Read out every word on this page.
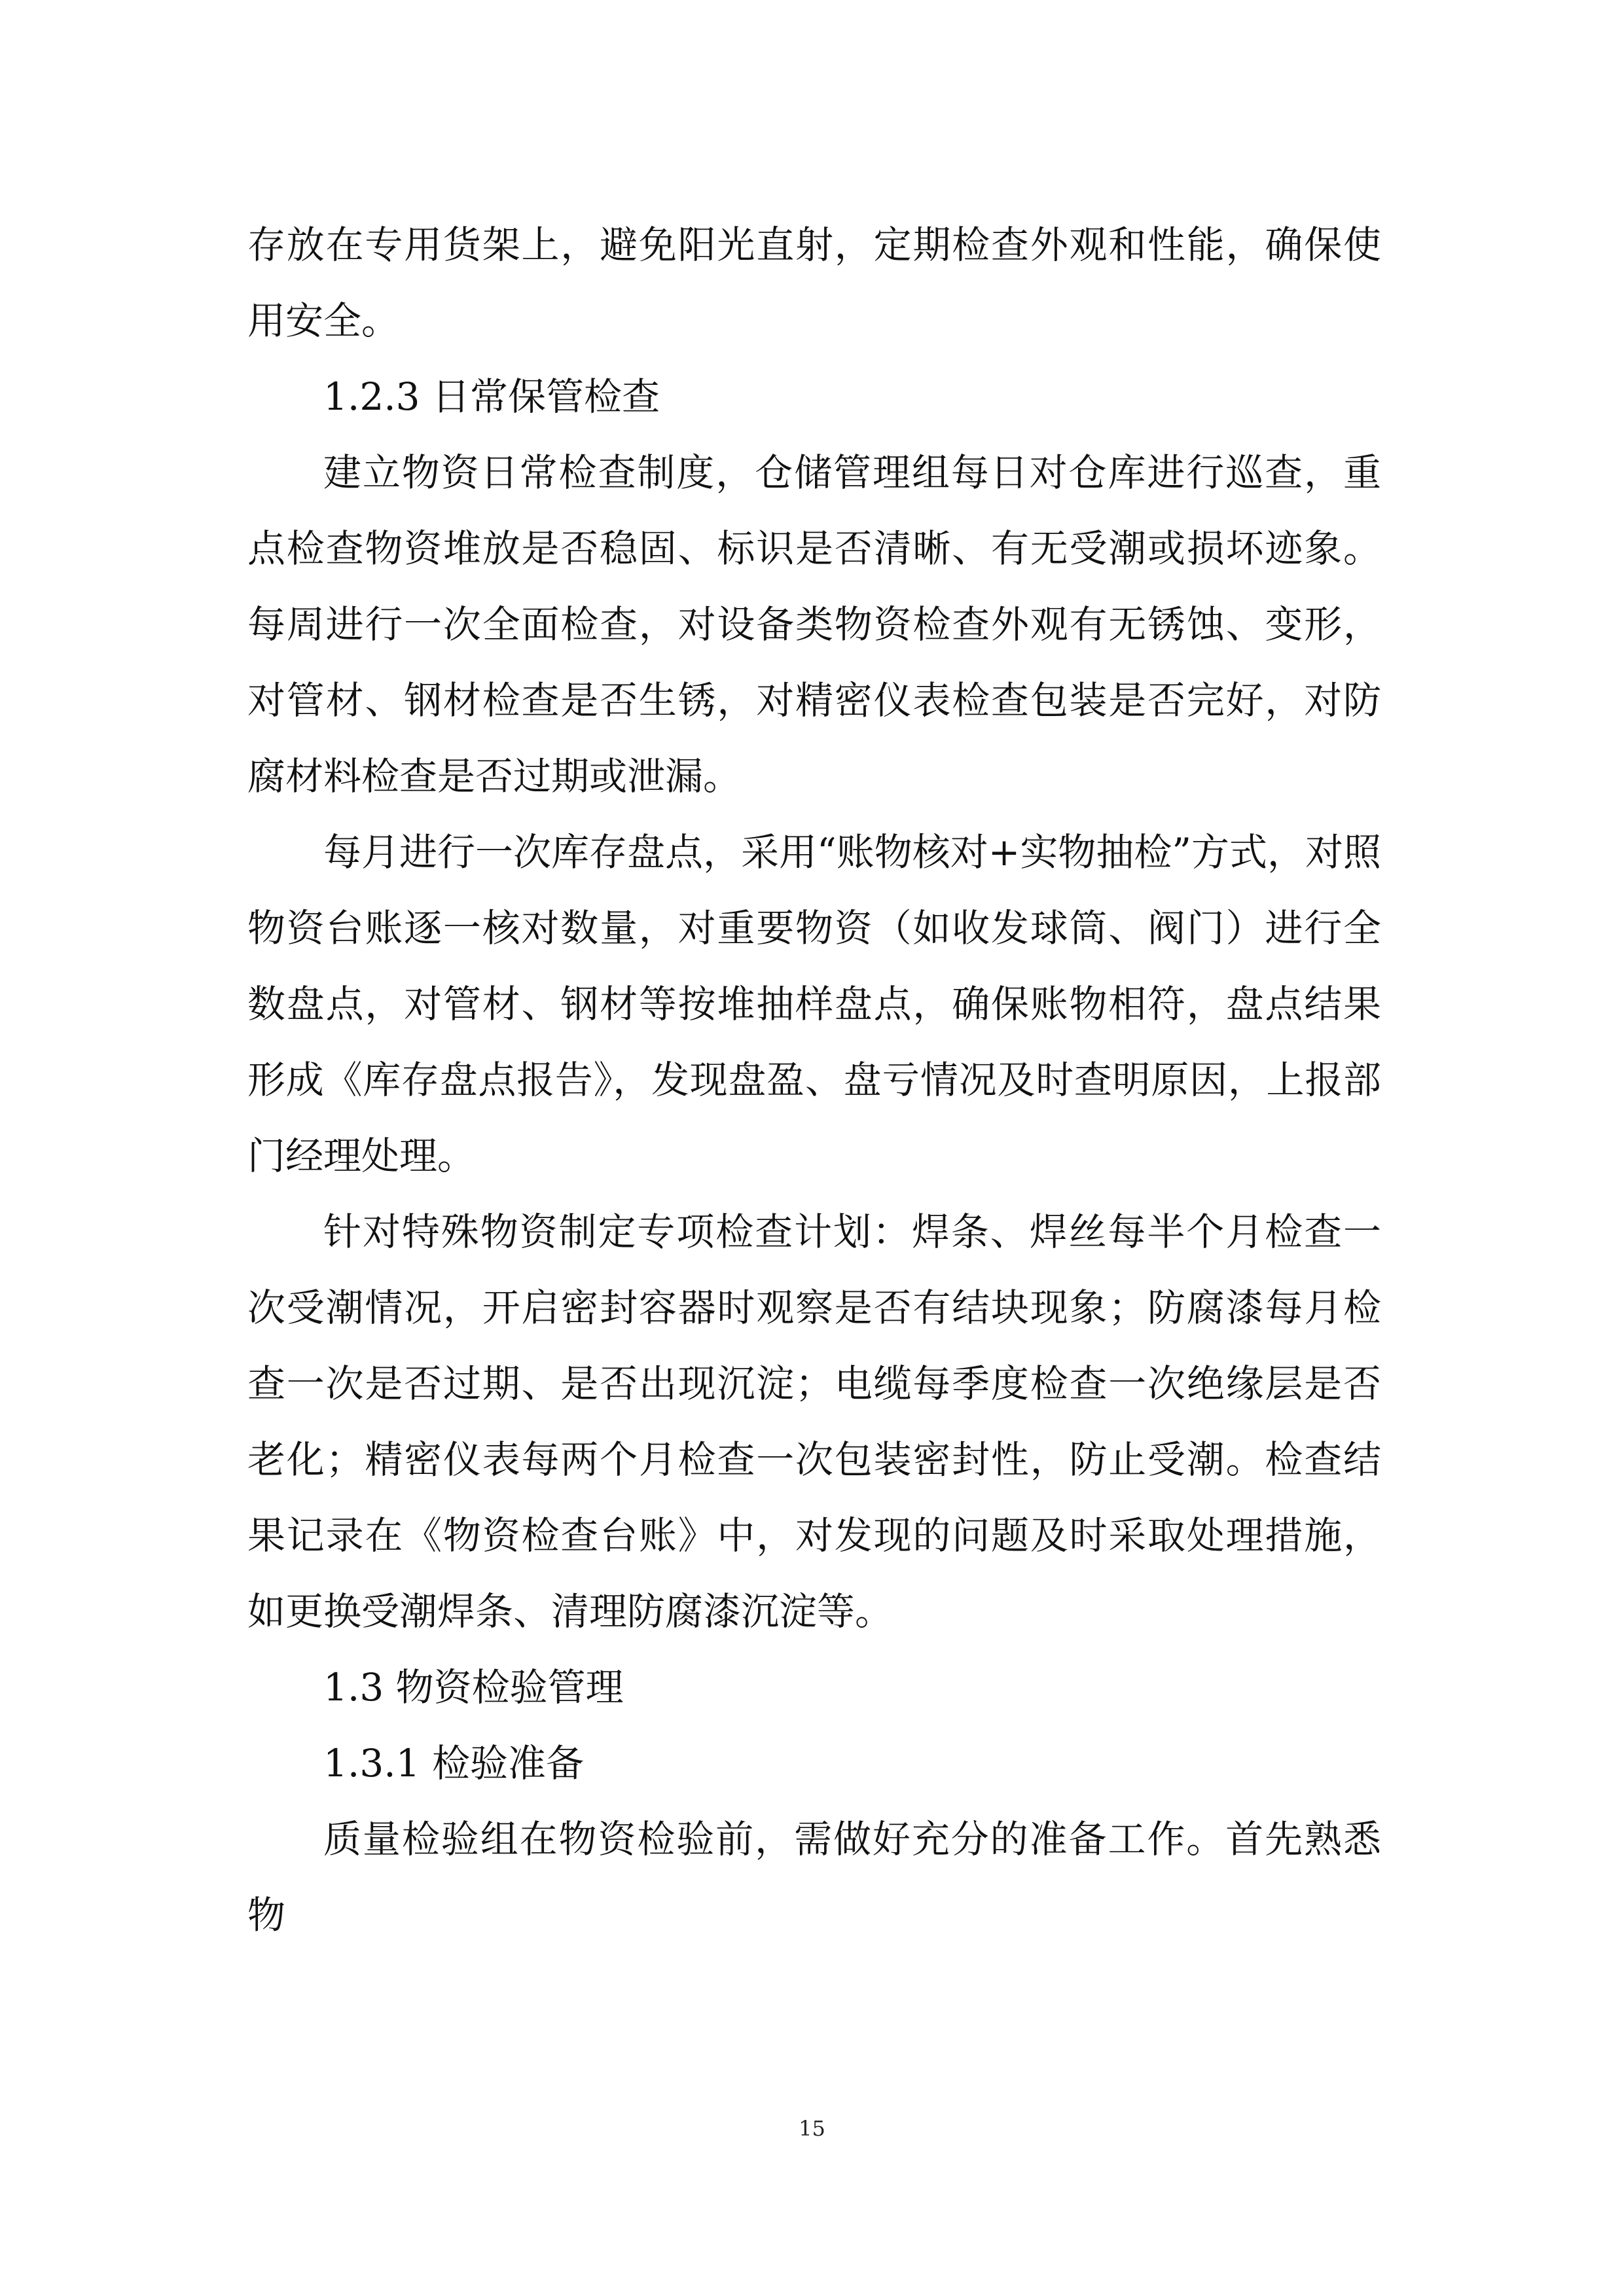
存放在专用货架上，避免阳光直射，定期检查外观和性能，确保使用安全。

1.2.3 日常保管检查

建立物资日常检查制度，仓储管理组每日对仓库进行巡查，重点检查物资堆放是否稳固、标识是否清晰、有无受潮或损坏迹象。每周进行一次全面检查，对设备类物资检查外观有无锈蚀、变形，对管材、钢材检查是否生锈，对精密仪表检查包装是否完好，对防腐材料检查是否过期或泄漏。

每月进行一次库存盘点，采用“账物核对+实物抽检”方式，对照物资台账逐一核对数量，对重要物资（如收发球筒、阀门）进行全数盘点，对管材、钢材等按堆抽样盘点，确保账物相符，盘点结果形成《库存盘点报告》，发现盘盈、盘亏情况及时查明原因，上报部门经理处理。

针对特殊物资制定专项检查计划：焊条、焊丝每半个月检查一次受潮情况，开启密封容器时观察是否有结块现象；防腐漆每月检查一次是否过期、是否出现沉淀；电缆每季度检查一次绝缘层是否老化；精密仪表每两个月检查一次包装密封性，防止受潮。检查结果记录在《物资检查台账》中，对发现的问题及时采取处理措施，如更换受潮焊条、清理防腐漆沉淀等。

1.3 物资检验管理

1.3.1 检验准备

质量检验组在物资检验前，需做好充分的准备工作。首先熟悉物

15
